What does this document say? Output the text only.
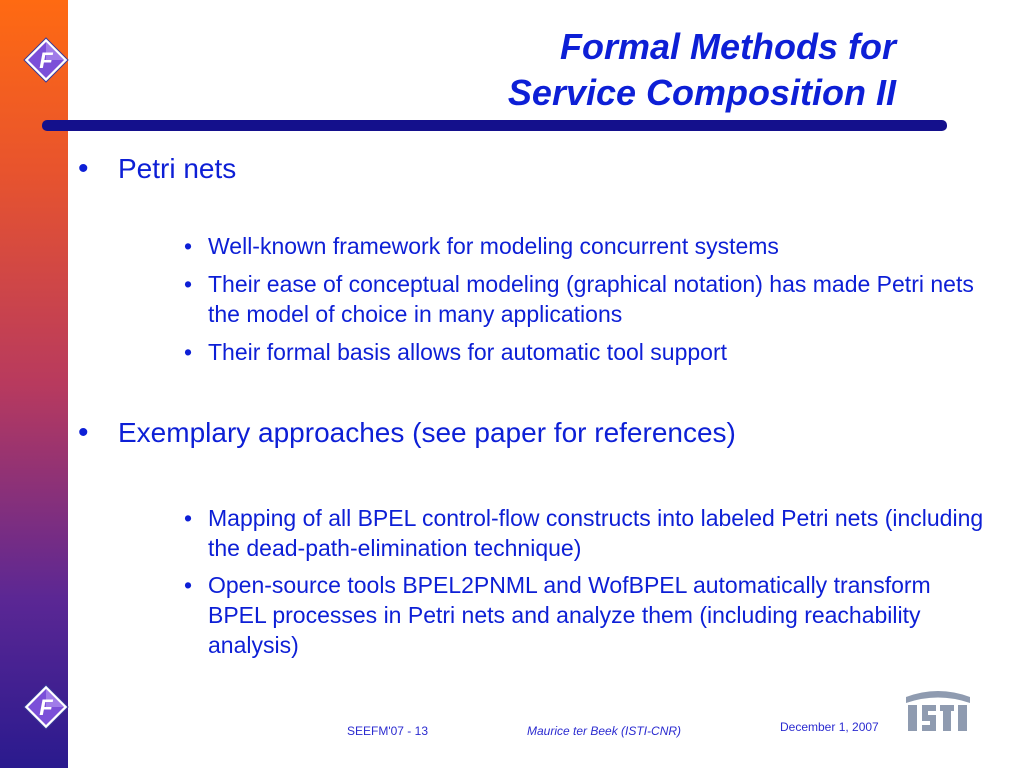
F
F
Formal Methods for
Service Composition II
• Petri nets
• Well-known framework for modeling concurrent systems
• Their ease of conceptual modeling (graphical notation) has made Petri nets the model of choice in many applications
• Their formal basis allows for automatic tool support
• Exemplary approaches (see paper for references)
• Mapping of all BPEL control-flow constructs into labeled Petri nets (including the dead-path-elimination technique)
• Open-source tools BPEL2PNML and WofBPEL automatically transform BPEL processes in Petri nets and analyze them (including reachability analysis)
SEEFM'07 - 13	Maurice ter Beek (ISTI-CNR)	December 1, 2007
